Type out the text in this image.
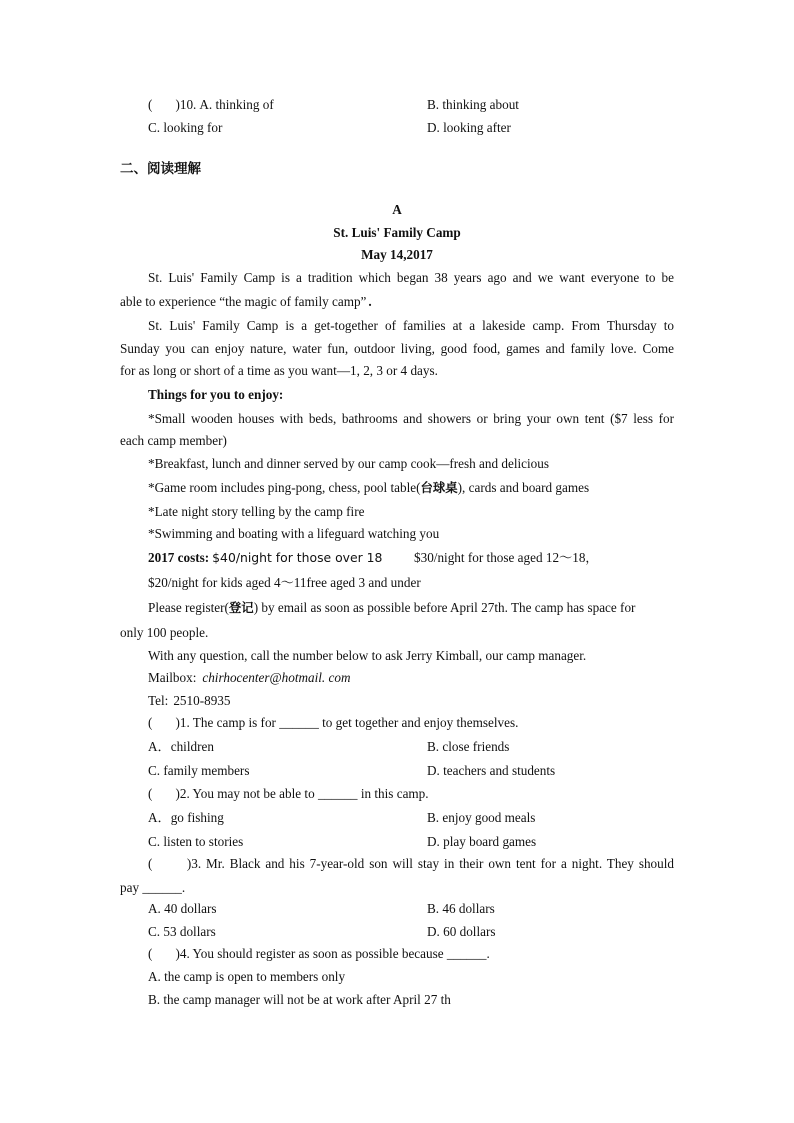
(       )10. A. thinking of	B. thinking about
C. looking for	D. looking after
二、阅读理解
A
St. Luis' Family Camp
May 14,2017
St. Luis' Family Camp is a tradition which began 38 years ago and we want everyone to be
able to experience “the magic of family camp” .
St. Luis' Family Camp is a get-together of families at a lakeside camp. From Thursday to
Sunday you can enjoy nature, water fun, outdoor living, good food, games and family love. Come
for as long or short of a time as you want—1, 2, 3 or 4 days.
Things for you to enjoy:
*Small wooden houses with beds, bathrooms and showers or bring your own tent ($7 less for
each camp member)
*Breakfast, lunch and dinner served by our camp cook—fresh and delicious
*Game room includes ping-pong, chess, pool table(台球桌), cards and board games
*Late night story telling by the camp fire
*Swimming and boating with a lifeguard watching you
2017 costs: $40/night for those over 18 $30/night for those aged 12～18，
$20/night for kids aged 4～11free aged 3 and under
Please register(登记) by email as soon as possible before April 27th. The camp has space for
only 100 people.
With any question, call the number below to ask Jerry Kimball, our camp manager.
Mailbox: chirhocenter@hotmail. com
Tel: 2510-8935
(       )1. The camp is for ______ to get together and enjoy themselves.
A．children	B. close friends
C. family members	D. teachers and students
(       )2. You may not be able to ______ in this camp.
A．go fishing	B. enjoy good meals
C. listen to stories	D. play board games
(       )3. Mr. Black and his 7-year-old son will stay in their own tent for a night. They should
pay ______.
A. 40 dollars	B. 46 dollars
C. 53 dollars	D. 60 dollars
(       )4. You should register as soon as possible because ______.
A. the camp is open to members only
B. the camp manager will not be at work after April 27 th
